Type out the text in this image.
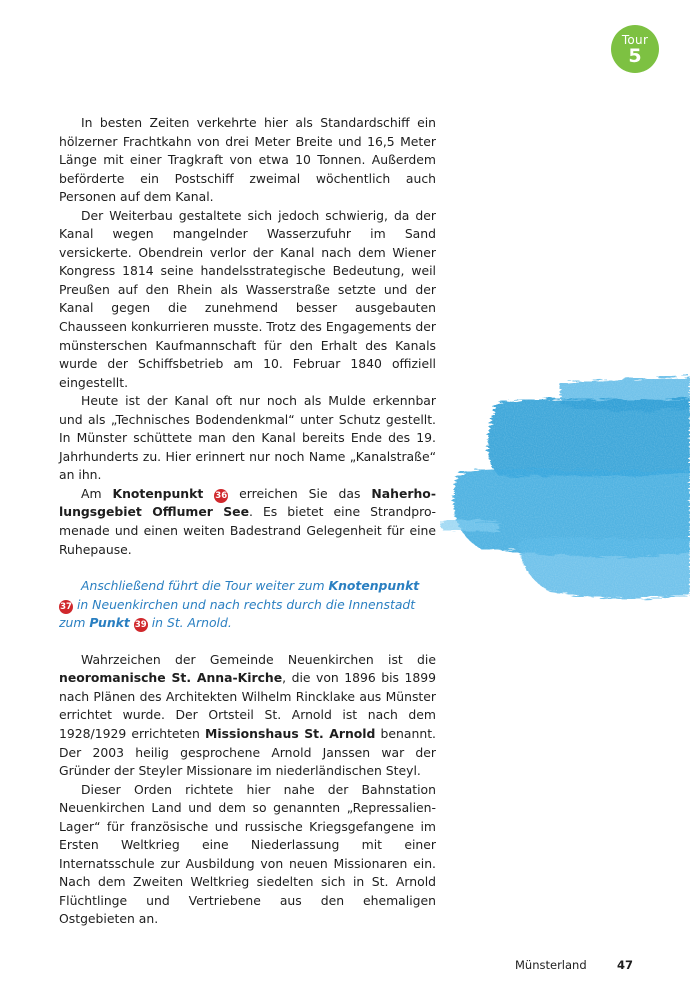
Tour
5

In besten Zeiten verkehrte hier als Standardschiff ein hölzerner Frachtkahn von drei Meter Breite und 16,5 Meter Länge mit einer Tragkraft von etwa 10 Tonnen. Außerdem beförderte ein Postschiff zweimal wöchentlich auch Personen auf dem Kanal.

Der Weiterbau gestaltete sich jedoch schwierig, da der Kanal wegen mangelnder Wasserzufuhr im Sand versickerte. Obendrein verlor der Kanal nach dem Wiener Kongress 1814 seine handelsstrategische Bedeutung, weil Preußen auf den Rhein als Wasserstraße setzte und der Kanal gegen die zunehmend besser ausgebauten Chausseen konkurrieren musste. Trotz des Engagements der münsterschen Kaufmannschaft für den Erhalt des Kanals wurde der Schiffsbetrieb am 10. Februar 1840 offiziell eingestellt.

Heute ist der Kanal oft nur noch als Mulde erkennbar und als „Technisches Bodendenkmal“ unter Schutz gestellt. In Münster schüttete man den Kanal bereits Ende des 19. Jahrhunderts zu. Hier erinnert nur noch Name „Kanalstraße“ an ihn.

Am Knotenpunkt 36 erreichen Sie das Naherholungsgebiet Offlumer See. Es bietet eine Strandpromenade und einen weiten Badestrand Gelegenheit für eine Ruhepause.

Anschließend führt die Tour weiter zum Knotenpunkt 37 in Neuenkirchen und nach rechts durch die Innenstadt zum Punkt 39 in St. Arnold.

Wahrzeichen der Gemeinde Neuenkirchen ist die neoromanische St. Anna-Kirche, die von 1896 bis 1899 nach Plänen des Architekten Wilhelm Rincklake aus Münster errichtet wurde. Der Ortsteil St. Arnold ist nach dem 1928/1929 errichteten Missionshaus St. Arnold benannt. Der 2003 heilig gesprochene Arnold Janssen war der Gründer der Steyler Missionare im niederländischen Steyl.

Dieser Orden richtete hier nahe der Bahnstation Neuenkirchen Land und dem so genannten „Repressalien-Lager“ für französische und russische Kriegsgefangene im Ersten Weltkrieg eine Niederlassung mit einer Internatsschule zur Ausbildung von neuen Missionaren ein. Nach dem Zweiten Weltkrieg siedelten sich in St. Arnold Flüchtlinge und Vertriebene aus den ehemaligen Ostgebieten an.

Münsterland	47
